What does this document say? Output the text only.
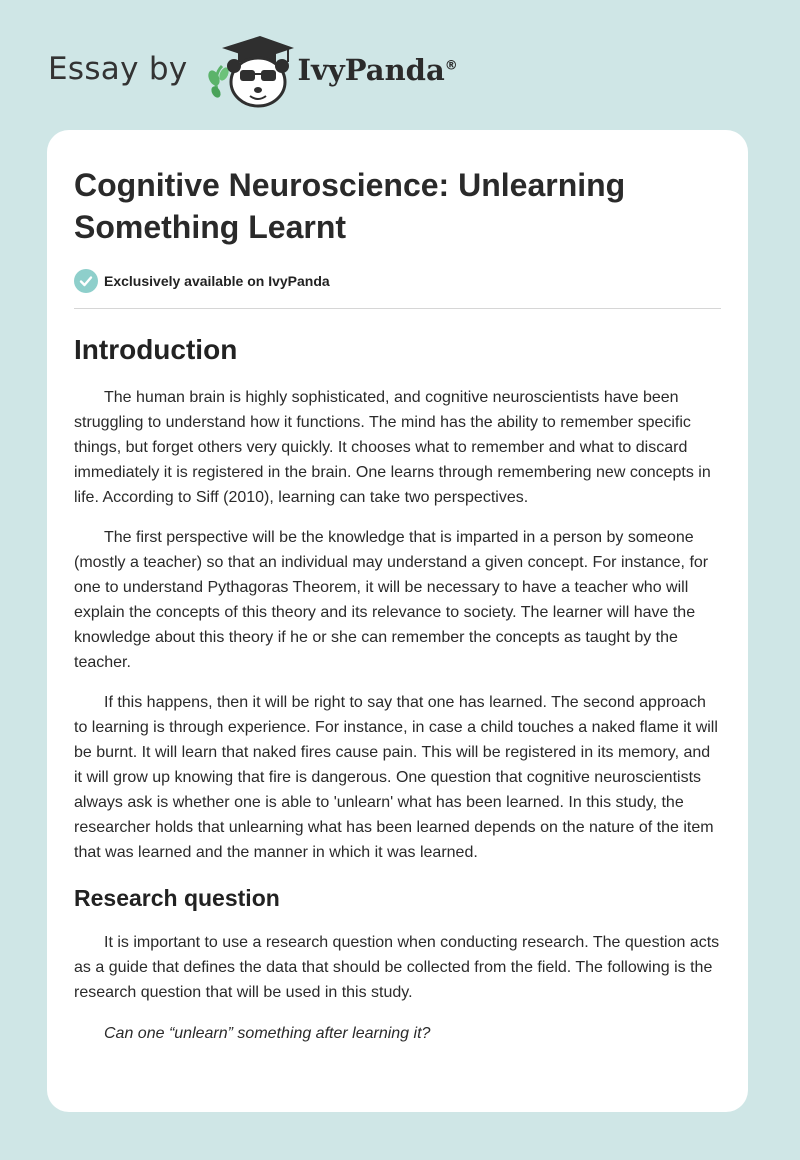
Essay by	IvyPanda®
Cognitive Neuroscience: Unlearning Something Learnt
Exclusively available on IvyPanda
Introduction

The human brain is highly sophisticated, and cognitive neuroscientists have been struggling to understand how it functions. The mind has the ability to remember specific things, but forget others very quickly. It chooses what to remember and what to discard immediately it is registered in the brain. One learns through remembering new concepts in life. According to Siff (2010), learning can take two perspectives.

The first perspective will be the knowledge that is imparted in a person by someone (mostly a teacher) so that an individual may understand a given concept. For instance, for one to understand Pythagoras Theorem, it will be necessary to have a teacher who will explain the concepts of this theory and its relevance to society. The learner will have the knowledge about this theory if he or she can remember the concepts as taught by the teacher.

If this happens, then it will be right to say that one has learned. The second approach to learning is through experience. For instance, in case a child touches a naked flame it will be burnt. It will learn that naked fires cause pain. This will be registered in its memory, and it will grow up knowing that fire is dangerous. One question that cognitive neuroscientists always ask is whether one is able to 'unlearn' what has been learned. In this study, the researcher holds that unlearning what has been learned depends on the nature of the item that was learned and the manner in which it was learned.

Research question

It is important to use a research question when conducting research. The question acts as a guide that defines the data that should be collected from the field. The following is the research question that will be used in this study.

Can one “unlearn” something after learning it?
